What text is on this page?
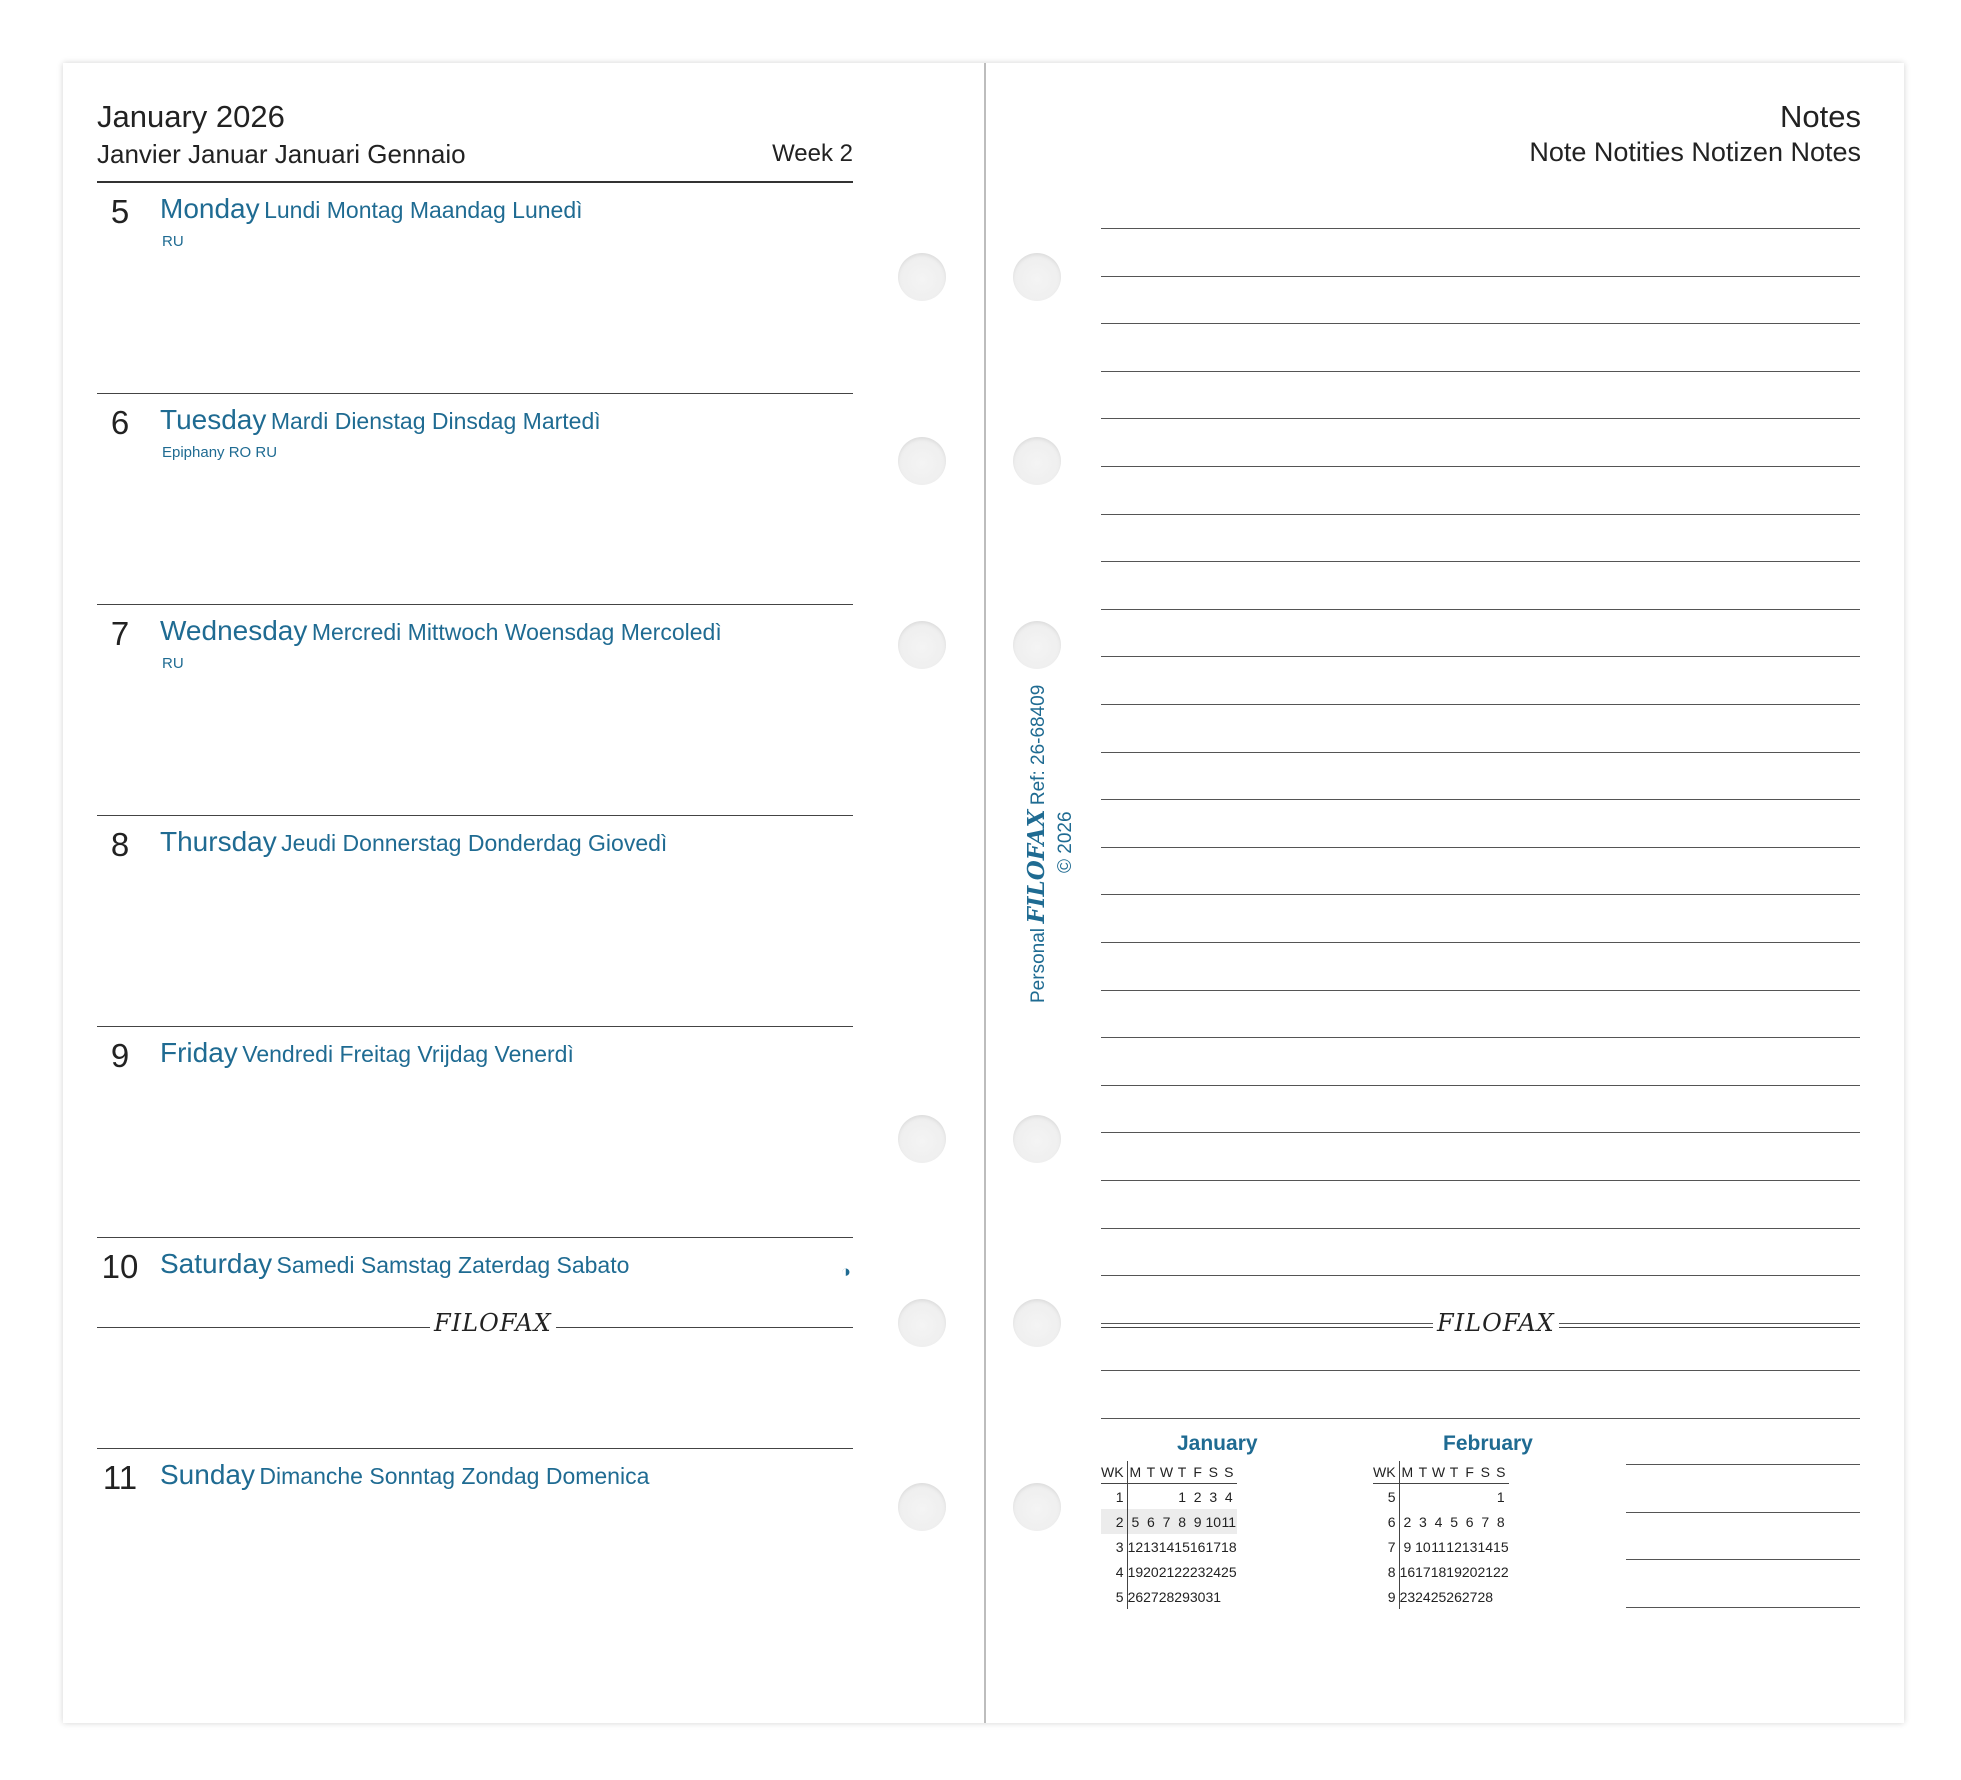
January 2026
Janvier Januar Januari Gennaio	Week 2
5	Monday Lundi Montag Maandag Lunedì
RU
6	Tuesday Mardi Dienstag Dinsdag Martedì
Epiphany RO RU
7	Wednesday Mercredi Mittwoch Woensdag Mercoledì
RU
8	Thursday Jeudi Donnerstag Donderdag Giovedì
9	Friday Vendredi Freitag Vrijdag Venerdì
10 Saturday Samedi Samstag Zaterdag Sabato	◑
11 Sunday Dimanche Sonntag Zondag Domenica
FILOFAX
Personal FILOFAX Ref: 26-68409
© 2026
Notes
Note Notities Notizen Notes
FILOFAX
January
WK	M	T	W	T	F	S	S
1				1	2	3	4
2	5	6	7	8	9	10	11
3	12	13	14	15	16	17	18
4	19	20	21	22	23	24	25
5	26	27	28	29	30	31	
February
WK	M	T	W	T	F	S	S
5							1
6	2	3	4	5	6	7	8
7	9	10	11	12	13	14	15
8	16	17	18	19	20	21	22
9	23	24	25	26	27	28	
